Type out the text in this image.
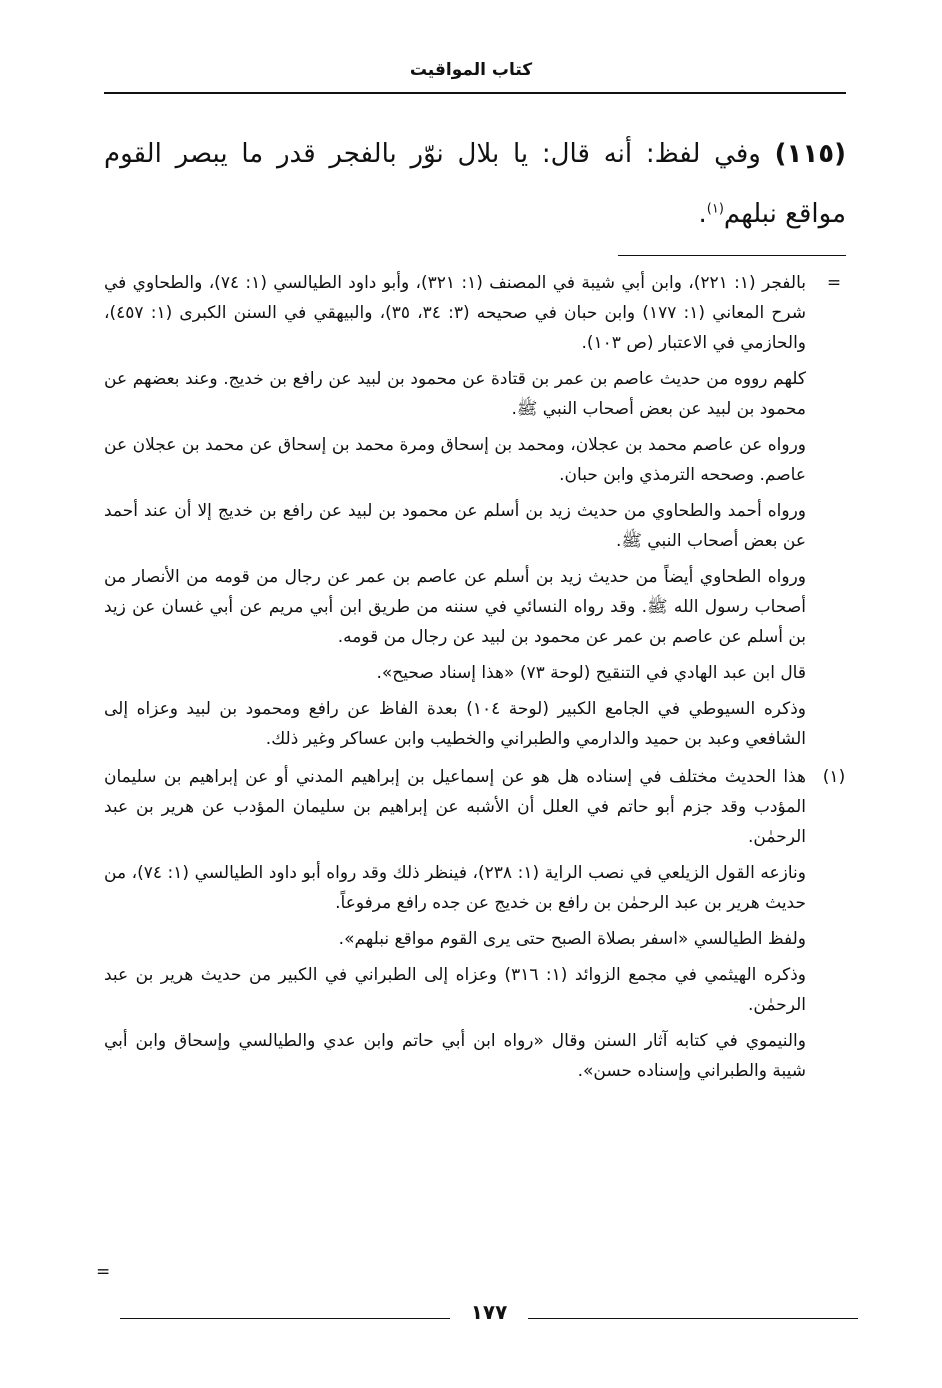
كتاب المواقيت
(١١٥) وفي لفظ: أنه قال: يا بلال نوّر بالفجر قدر ما يبصر القوم مواقع نبلهم$^{(١)}$.
=

بالفجر (١: ٢٢١)، وابن أبي شيبة في المصنف (١: ٣٢١)، وأبو داود الطيالسي (١: ٧٤)، والطحاوي في شرح المعاني (١: ١٧٧) وابن حبان في صحيحه (٣: ٣٤، ٣٥)، والبيهقي في السنن الكبرى (١: ٤٥٧)، والحازمي في الاعتبار (ص ١٠٣).

كلهم رووه من حديث عاصم بن عمر بن قتادة عن محمود بن لبيد عن رافع بن خديج. وعند بعضهم عن محمود بن لبيد عن بعض أصحاب النبي ﷺ.

ورواه عن عاصم محمد بن عجلان، ومحمد بن إسحاق ومرة محمد بن إسحاق عن محمد بن عجلان عن عاصم. وصححه الترمذي وابن حبان.

ورواه أحمد والطحاوي من حديث زيد بن أسلم عن محمود بن لبيد عن رافع بن خديج إلا أن عند أحمد عن بعض أصحاب النبي ﷺ.

ورواه الطحاوي أيضاً من حديث زيد بن أسلم عن عاصم بن عمر عن رجال من قومه من الأنصار من أصحاب رسول الله ﷺ. وقد رواه النسائي في سننه من طريق ابن أبي مريم عن أبي غسان عن زيد بن أسلم عن عاصم بن عمر عن محمود بن لبيد عن رجال من قومه.

قال ابن عبد الهادي في التنقيح (لوحة ٧٣) «هذا إسناد صحيح».

وذكره السيوطي في الجامع الكبير (لوحة ١٠٤) بعدة الفاظ عن رافع ومحمود بن لبيد وعزاه إلى الشافعي وعبد بن حميد والدارمي والطبراني والخطيب وابن عساكر وغير ذلك.

(١)

هذا الحديث مختلف في إسناده هل هو عن إسماعيل بن إبراهيم المدني أو عن إبراهيم بن سليمان المؤدب وقد جزم أبو حاتم في العلل أن الأشبه عن إبراهيم بن سليمان المؤدب عن هرير بن عبد الرحمٰن.

ونازعه القول الزيلعي في نصب الراية (١: ٢٣٨)، فينظر ذلك وقد رواه أبو داود الطيالسي (١: ٧٤)، من حديث هرير بن عبد الرحمٰن بن رافع بن خديج عن جده رافع مرفوعاً.

ولفظ الطيالسي «اسفر بصلاة الصبح حتى يرى القوم مواقع نبلهم».

وذكره الهيثمي في مجمع الزوائد (١: ٣١٦) وعزاه إلى الطبراني في الكبير من حديث هرير بن عبد الرحمٰن.

والنيموي في كتابه آثار السنن وقال «رواه ابن أبي حاتم وابن عدي والطيالسي وإسحاق وابن أبي شيبة والطبراني وإسناده حسن».

=
١٧٧
